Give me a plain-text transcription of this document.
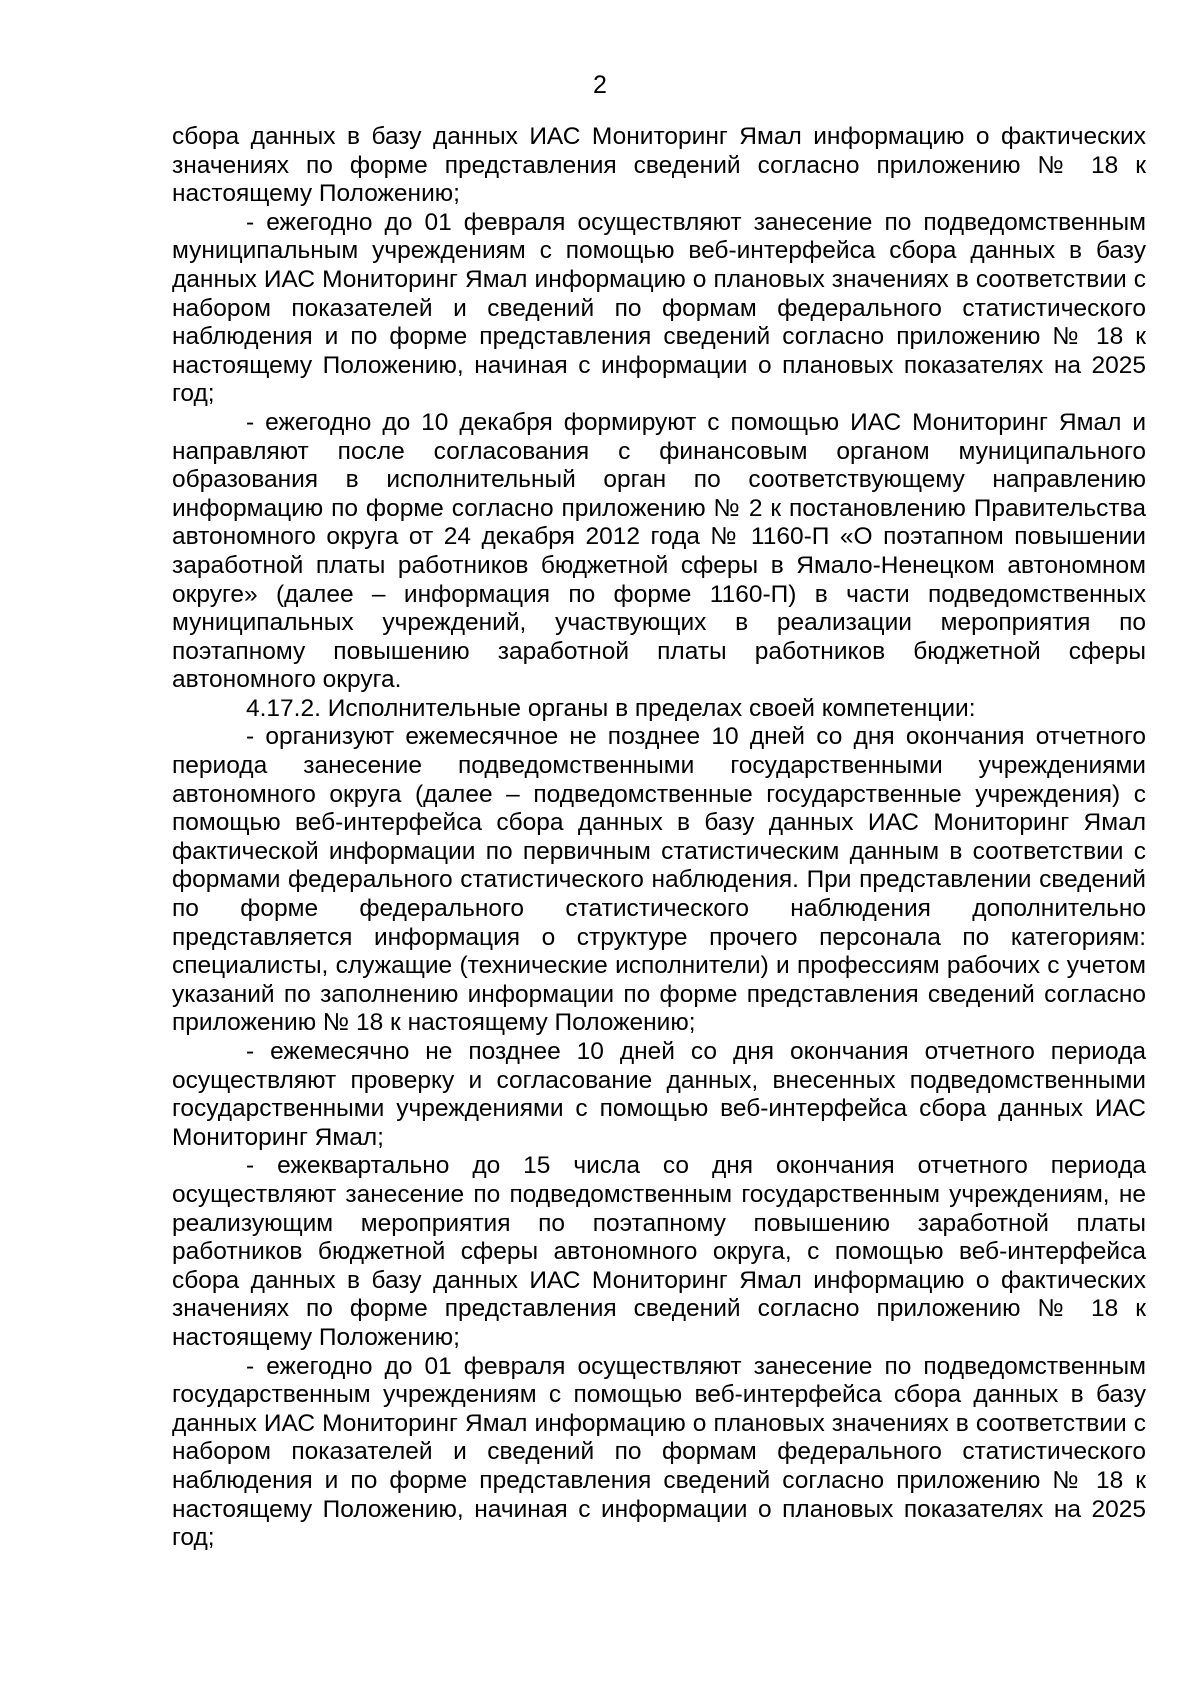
2

сбора данных в базу данных ИАС Мониторинг Ямал информацию о фактических значениях по форме представления сведений согласно приложению № 18 к настоящему Положению;

- ежегодно до 01 февраля осуществляют занесение по подведомственным муниципальным учреждениям с помощью веб-интерфейса сбора данных в базу данных ИАС Мониторинг Ямал информацию о плановых значениях в соответствии с набором показателей и сведений по формам федерального статистического наблюдения и по форме представления сведений согласно приложению № 18 к настоящему Положению, начиная с информации о плановых показателях на 2025 год;

- ежегодно до 10 декабря формируют с помощью ИАС Мониторинг Ямал и направляют после согласования с финансовым органом муниципального образования в исполнительный орган по соответствующему направлению информацию по форме согласно приложению № 2 к постановлению Правительства автономного округа от 24 декабря 2012 года № 1160-П «О поэтапном повышении заработной платы работников бюджетной сферы в Ямало-Ненецком автономном округе» (далее – информация по форме 1160-П) в части подведомственных муниципальных учреждений, участвующих в реализации мероприятия по поэтапному повышению заработной платы работников бюджетной сферы автономного округа.

4.17.2. Исполнительные органы в пределах своей компетенции:

- организуют ежемесячное не позднее 10 дней со дня окончания отчетного периода занесение подведомственными государственными учреждениями автономного округа (далее – подведомственные государственные учреждения) с помощью веб-интерфейса сбора данных в базу данных ИАС Мониторинг Ямал фактической информации по первичным статистическим данным в соответствии с формами федерального статистического наблюдения. При представлении сведений по форме федерального статистического наблюдения дополнительно представляется информация о структуре прочего персонала по категориям: специалисты, служащие (технические исполнители) и профессиям рабочих с учетом указаний по заполнению информации по форме представления сведений согласно приложению № 18 к настоящему Положению;

- ежемесячно не позднее 10 дней со дня окончания отчетного периода осуществляют проверку и согласование данных, внесенных подведомственными государственными учреждениями с помощью веб-интерфейса сбора данных ИАС Мониторинг Ямал;

- ежеквартально до 15 числа со дня окончания отчетного периода осуществляют занесение по подведомственным государственным учреждениям, не реализующим мероприятия по поэтапному повышению заработной платы работников бюджетной сферы автономного округа, с помощью веб-интерфейса сбора данных в базу данных ИАС Мониторинг Ямал информацию о фактических значениях по форме представления сведений согласно приложению № 18 к настоящему Положению;

- ежегодно до 01 февраля осуществляют занесение по подведомственным государственным учреждениям с помощью веб-интерфейса сбора данных в базу данных ИАС Мониторинг Ямал информацию о плановых значениях в соответствии с набором показателей и сведений по формам федерального статистического наблюдения и по форме представления сведений согласно приложению № 18 к настоящему Положению, начиная с информации о плановых показателях на 2025 год;
